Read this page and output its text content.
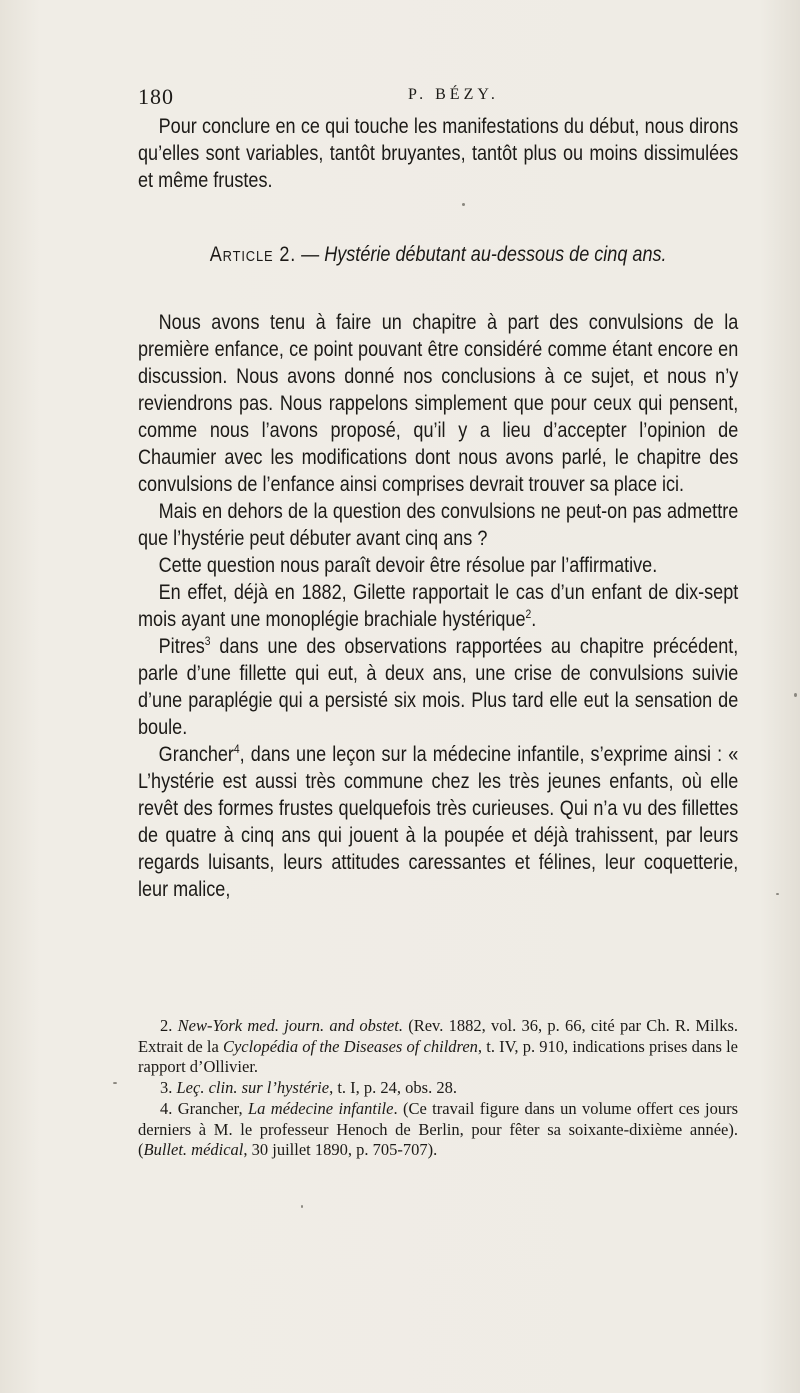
180	P. BÉZY.

Pour conclure en ce qui touche les manifestations du début, nous dirons qu’elles sont variables, tantôt bruyantes, tantôt plus ou moins dissimulées et même frustes.

Article 2. — Hystérie débutant au-dessous de cinq ans.

Nous avons tenu à faire un chapitre à part des convulsions de la première enfance, ce point pouvant être considéré comme étant encore en discussion. Nous avons donné nos conclusions à ce sujet, et nous n’y reviendrons pas. Nous rappelons simplement que pour ceux qui pensent, comme nous l’avons proposé, qu’il y a lieu d’accepter l’opinion de Chaumier avec les modifications dont nous avons parlé, le chapitre des convulsions de l’enfance ainsi comprises devrait trouver sa place ici.

Mais en dehors de la question des convulsions ne peut-on pas admettre que l’hystérie peut débuter avant cinq ans ?

Cette question nous paraît devoir être résolue par l’affirmative.

En effet, déjà en 1882, Gilette rapportait le cas d’un enfant de dix-sept mois ayant une monoplégie brachiale hystérique$^2$.

Pitres$^3$ dans une des observations rapportées au chapitre précédent, parle d’une fillette qui eut, à deux ans, une crise de convulsions suivie d’une paraplégie qui a persisté six mois. Plus tard elle eut la sensation de boule.

Grancher$^4$, dans une leçon sur la médecine infantile, s’exprime ainsi : « L’hystérie est aussi très commune chez les très jeunes enfants, où elle revêt des formes frustes quelquefois très curieuses. Qui n’a vu des fillettes de quatre à cinq ans qui jouent à la poupée et déjà trahissent, par leurs regards luisants, leurs attitudes caressantes et félines, leur coquetterie, leur malice,

2. New-York med. journ. and obstet. (Rev. 1882, vol. 36, p. 66, cité par Ch. R. Milks. Extrait de la Cyclopédia of the Diseases of children, t. IV, p. 910, indications prises dans le rapport d’Ollivier.

3. Leç. clin. sur l’hystérie, t. I, p. 24, obs. 28.

4. Grancher, La médecine infantile. (Ce travail figure dans un volume offert ces jours derniers à M. le professeur Henoch de Berlin, pour fêter sa soixante-dixième année). (Bullet. médical, 30 juillet 1890, p. 705-707).
